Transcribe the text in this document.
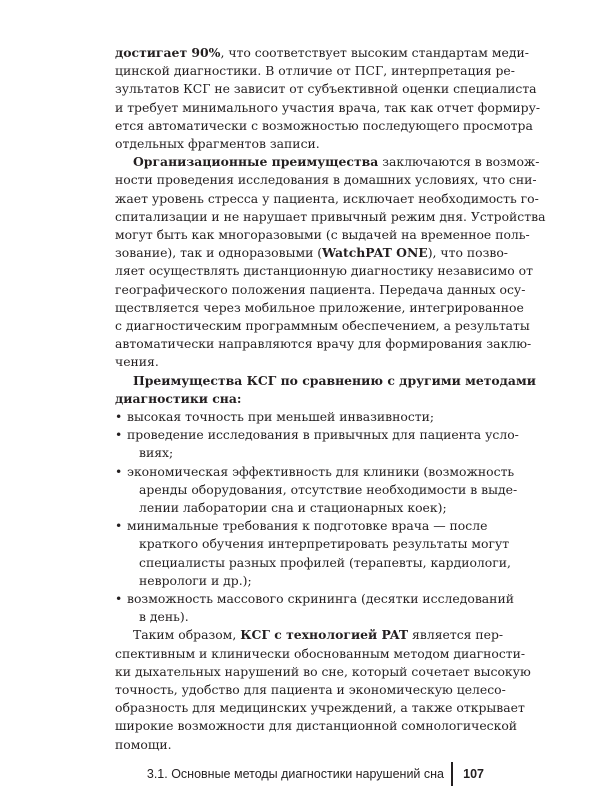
достигает 90%, что соответствует высоким стандартам меди-
цинской диагностики. В отличие от ПСГ, интерпретация ре-
зультатов КСГ не зависит от субъективной оценки специалиста
и требует минимального участия врача, так как отчет формиру-
ется автоматически с возможностью последующего просмотра
отдельных фрагментов записи.
Организационные преимущества заключаются в возмож-
ности проведения исследования в домашних условиях, что сни-
жает уровень стресса у пациента, исключает необходимость го-
спитализации и не нарушает привычный режим дня. Устройства
могут быть как многоразовыми (с выдачей на временное поль-
зование), так и одноразовыми (WatchPAT ONE), что позво-
ляет осуществлять дистанционную диагностику независимо от
географического положения пациента. Передача данных осу-
ществляется через мобильное приложение, интегрированное
с диагностическим программным обеспечением, а результаты
автоматически направляются врачу для формирования заклю-
чения.
Преимущества КСГ по сравнению с другими методами
диагностики сна:
• высокая точность при меньшей инвазивности;
• проведение исследования в привычных для пациента усло-
виях;
• экономическая эффективность для клиники (возможность
аренды оборудования, отсутствие необходимости в выде-
лении лаборатории сна и стационарных коек);
• минимальные требования к подготовке врача — после
краткого обучения интерпретировать результаты могут
специалисты разных профилей (терапевты, кардиологи,
неврологи и др.);
• возможность массового скрининга (десятки исследований
в день).
Таким образом, КСГ с технологией PAT является пер-
спективным и клинически обоснованным методом диагности-
ки дыхательных нарушений во сне, который сочетает высокую
точность, удобство для пациента и экономическую целесо-
образность для медицинских учреждений, а также открывает
широкие возможности для дистанционной сомнологической
помощи.
3.1. Основные методы диагностики нарушений сна 107
